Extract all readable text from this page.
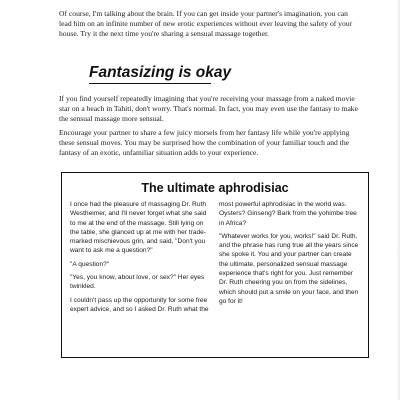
Of course, I'm talking about the brain. If you can get inside your partner's imagination, you can lead him on an infinite number of new erotic experiences without ever leaving the safety of your house. Try it the next time you're sharing a sensual massage together.

Fantasizing is okay

If you find yourself repeatedly imagining that you're receiving your massage from a naked movie star on a beach in Tahiti, don't worry. That's normal. In fact, you may even use the fantasy to make the sensual massage more sensual.

Encourage your partner to share a few juicy morsels from her fantasy life while you're applying these sensual moves. You may be surprised how the combination of your familiar touch and the fantasy of an exotic, unfamiliar situation adds to your experience.

The ultimate aphrodisiac

I once had the pleasure of massaging Dr. Ruth Westheimer, and I'll never forget what she said to me at the end of the massage. Still lying on the table, she glanced up at me with her trade-marked mischievous grin, and said, "Don't you want to ask me a question?"

"A question?"

"Yes, you know, about love, or sex?" Her eyes twinkled.

I couldn't pass up the opportunity for some free expert advice, and so I asked Dr. Ruth what the

most powerful aphrodisiac in the world was. Oysters? Ginseng? Bark from the yohimbe tree in Africa?

"Whatever works for you, works!" said Dr. Ruth, and the phrase has rung true all the years since she spoke it. You and your partner can create the ultimate, personalized sensual massage experience that's right for you. Just remember Dr. Ruth cheering you on from the sidelines, which should put a smile on your face, and then go for it!
